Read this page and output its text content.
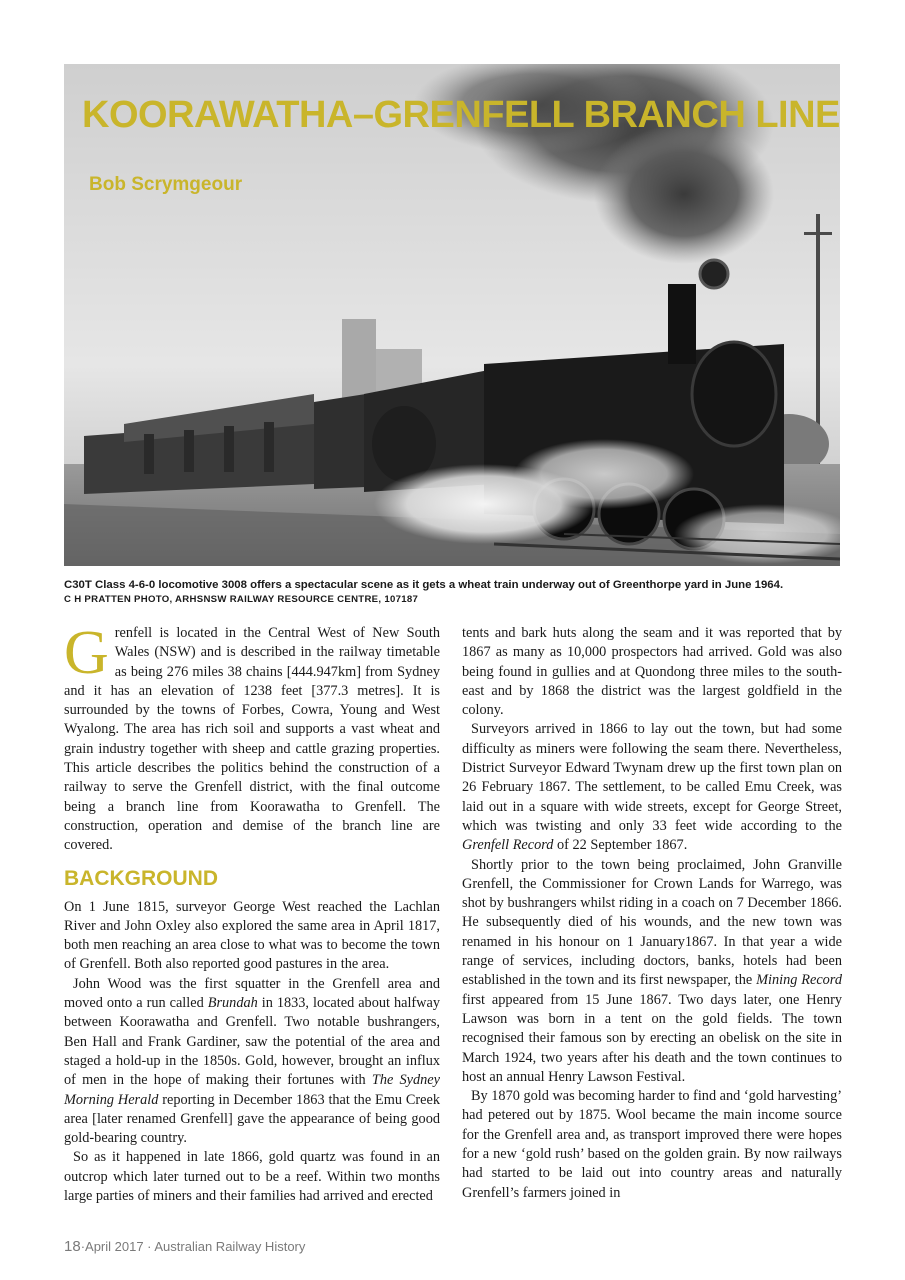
KOORAWATHA–GRENFELL BRANCH LINE
Bob Scrymgeour
C30T Class 4-6-0 locomotive 3008 offers a spectacular scene as it gets a wheat train underway out of Greenthorpe yard in June 1964.
C H PRATTEN PHOTO, ARHSNSW RAILWAY RESOURCE CENTRE, 107187

Grenfell is located in the Central West of New South Wales (NSW) and is described in the railway timetable as being 276 miles 38 chains [444.947km] from Sydney and it has an elevation of 1238 feet [377.3 metres]. It is surrounded by the towns of Forbes, Cowra, Young and West Wyalong. The area has rich soil and supports a vast wheat and grain industry together with sheep and cattle grazing properties. This article describes the politics behind the construction of a railway to serve the Grenfell district, with the final outcome being a branch line from Koorawatha to Grenfell. The construction, operation and demise of the branch line are covered.

BACKGROUND

On 1 June 1815, surveyor George West reached the Lachlan River and John Oxley also explored the same area in April 1817, both men reaching an area close to what was to become the town of Grenfell. Both also reported good pastures in the area.

John Wood was the first squatter in the Grenfell area and moved onto a run called Brundah in 1833, located about halfway between Koorawatha and Grenfell. Two notable bushrangers, Ben Hall and Frank Gardiner, saw the potential of the area and staged a hold-up in the 1850s. Gold, however, brought an influx of men in the hope of making their fortunes with The Sydney Morning Herald reporting in December 1863 that the Emu Creek area [later renamed Grenfell] gave the appearance of being good gold-bearing country.

So as it happened in late 1866, gold quartz was found in an outcrop which later turned out to be a reef. Within two months large parties of miners and their families had arrived and erected

tents and bark huts along the seam and it was reported that by 1867 as many as 10,000 prospectors had arrived. Gold was also being found in gullies and at Quondong three miles to the south-east and by 1868 the district was the largest goldfield in the colony.

Surveyors arrived in 1866 to lay out the town, but had some difficulty as miners were following the seam there. Nevertheless, District Surveyor Edward Twynam drew up the first town plan on 26 February 1867. The settlement, to be called Emu Creek, was laid out in a square with wide streets, except for George Street, which was twisting and only 33 feet wide according to the Grenfell Record of 22 September 1867.

Shortly prior to the town being proclaimed, John Granville Grenfell, the Commissioner for Crown Lands for Warrego, was shot by bushrangers whilst riding in a coach on 7 December 1866. He subsequently died of his wounds, and the new town was renamed in his honour on 1 January1867. In that year a wide range of services, including doctors, banks, hotels had been established in the town and its first newspaper, the Mining Record first appeared from 15 June 1867. Two days later, one Henry Lawson was born in a tent on the gold fields. The town recognised their famous son by erecting an obelisk on the site in March 1924, two years after his death and the town continues to host an annual Henry Lawson Festival.

By 1870 gold was becoming harder to find and ‘gold harvesting’ had petered out by 1875. Wool became the main income source for the Grenfell area and, as transport improved there were hopes for a new ‘gold rush’ based on the golden grain. By now railways had started to be laid out into country areas and naturally Grenfell’s farmers joined in

18·April 2017 · Australian Railway History
